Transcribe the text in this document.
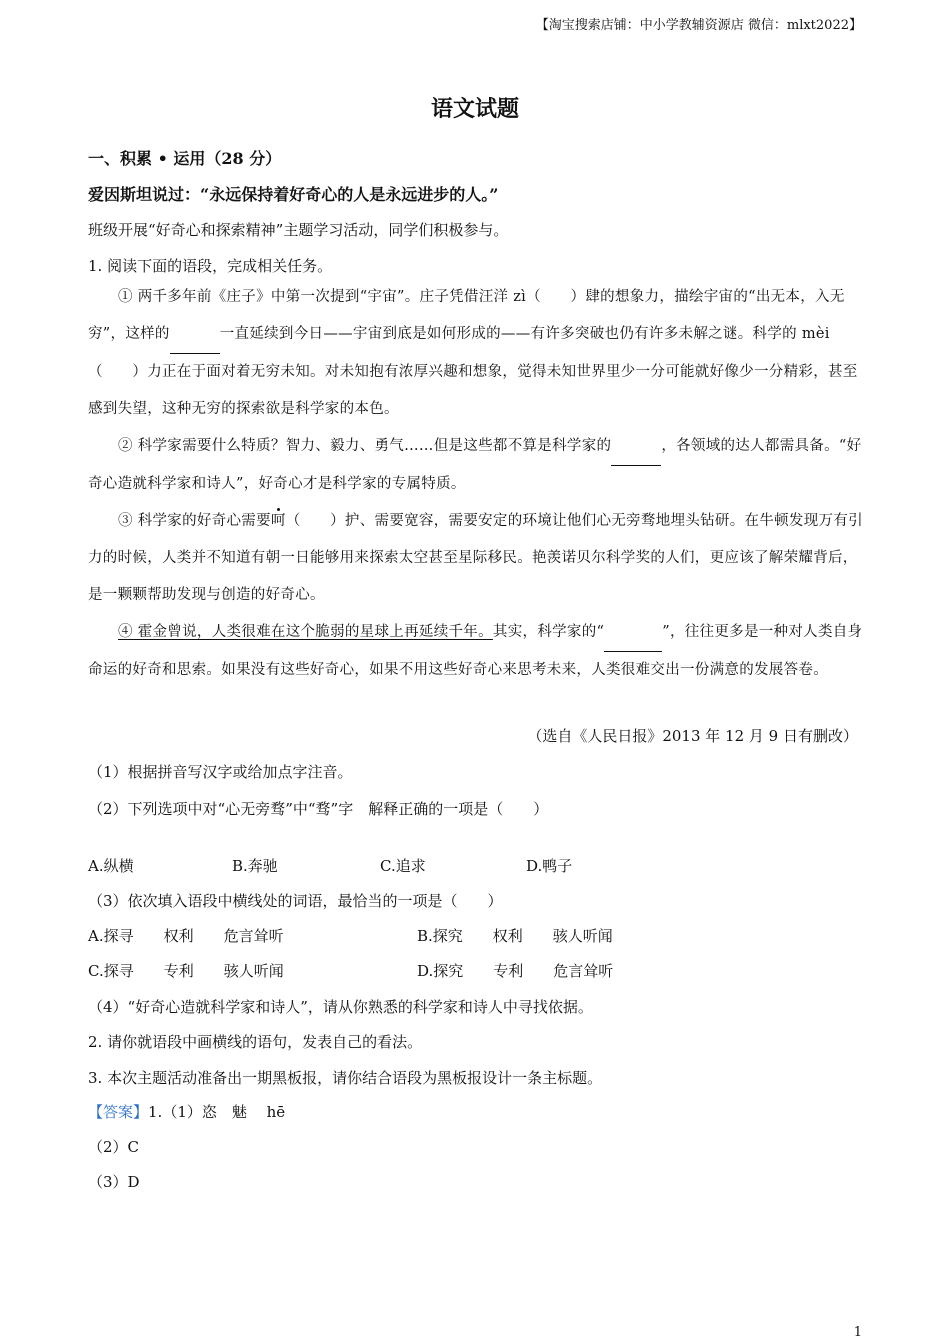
【淘宝搜索店铺：中小学教辅资源店 微信：mlxt2022】
语文试题
一、积累 • 运用（28 分）
爱因斯坦说过：“永远保持着好奇心的人是永远进步的人。”
班级开展“好奇心和探索精神”主题学习活动，同学们积极参与。
1. 阅读下面的语段，完成相关任务。

① 两千多年前《庄子》中第一次提到“宇宙”。庄子凭借汪洋 zì（　　）肆的想象力，描绘宇宙的“出无本，入无穷”，这样的	一直延续到今日——宇宙到底是如何形成的——有许多突破也仍有许多未解之谜。科学的 mèi（　　）力正在于面对着无穷未知。对未知抱有浓厚兴趣和想象，觉得未知世界里少一分可能就好像少一分精彩，甚至感到失望，这种无穷的探索欲是科学家的本色。

② 科学家需要什么特质？智力、毅力、勇气……但是这些都不算是科学家的	，各领域的达人都需具备。“好奇心造就科学家和诗人”，好奇心才是科学家的专属特质。

③ 科学家的好奇心需要呵（　　）护、需要宽容，需要安定的环境让他们心无旁骛地埋头钻研。在牛顿发现万有引力的时候，人类并不知道有朝一日能够用来探索太空甚至星际移民。艳羡诺贝尔科学奖的人们，更应该了解荣耀背后，是一颗颗帮助发现与创造的好奇心。

④ 霍金曾说，人类很难在这个脆弱的星球上再延续千年。其实，科学家的“	”，往往更多是一种对人类自身命运的好奇和思索。如果没有这些好奇心，如果不用这些好奇心来思考未来，人类很难交出一份满意的发展答卷。

（选自《人民日报》2013 年 12 月 9 日有删改）
（1）根据拼音写汉字或给加点字注音。
（2）下列选项中对“心无旁骛”中“骛”字　解释正确的一项是（　　）
A.纵横	B.奔驰	C.追求	D.鸭子
（3）依次填入语段中横线处的词语，最恰当的一项是（　　）
A.探寻　　权利　　危言耸听	B.探究　　权利　　骇人听闻
C.探寻　　专利　　骇人听闻	D.探究　　专利　　危言耸听
（4）“好奇心造就科学家和诗人”，请从你熟悉的科学家和诗人中寻找依据。
2. 请你就语段中画横线的语句，发表自己的看法。
3. 本次主题活动准备出一期黑板报，请你结合语段为黑板报设计一条主标题。
【答案】1.（1）恣　魅　 hē
（2）C
（3）D
1
